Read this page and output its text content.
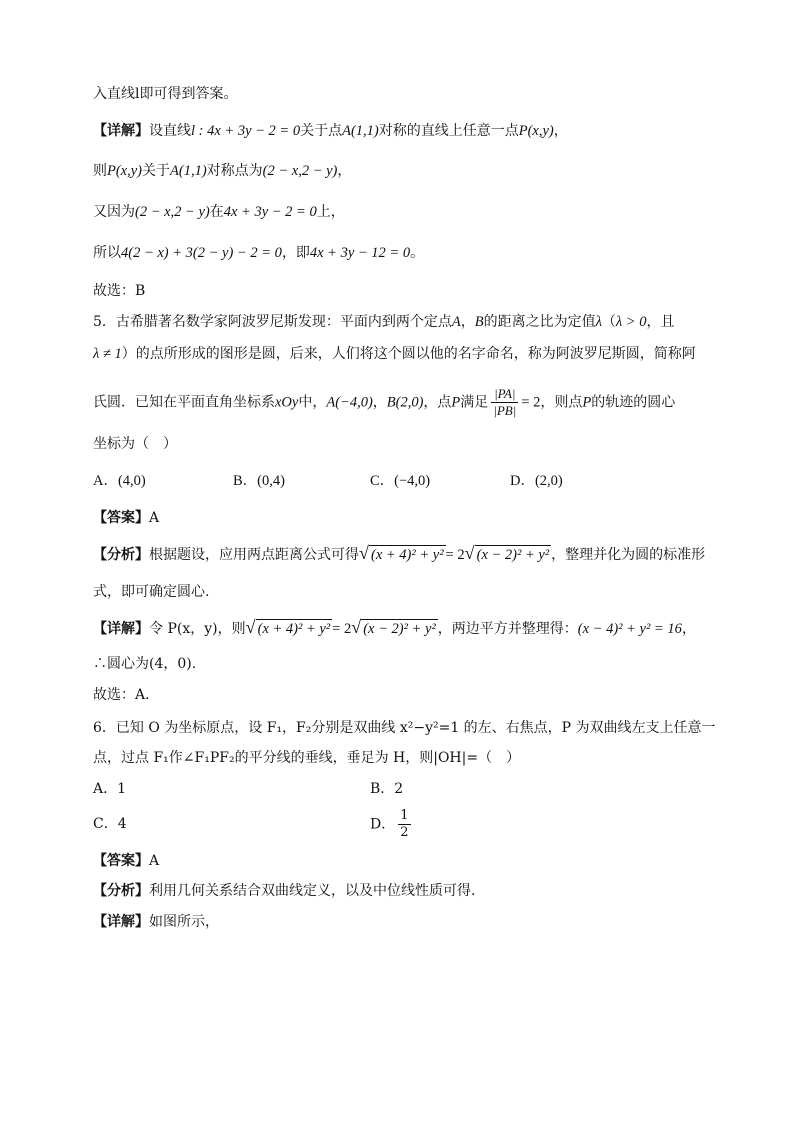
入直线l即可得到答案。
【详解】设直线l : 4x + 3y − 2 = 0关于点A(1,1)对称的直线上任意一点P(x,y)，
则P(x,y)关于A(1,1)对称点为(2 − x,2 − y)，
又因为(2 − x,2 − y)在4x + 3y − 2 = 0上，
所以4(2 − x) + 3(2 − y) − 2 = 0，即4x + 3y − 12 = 0。
故选：B
5．古希腊著名数学家阿波罗尼斯发现：平面内到两个定点A，B的距离之比为定值λ（λ > 0，且
λ ≠ 1）的点所形成的图形是圆，后来，人们将这个圆以他的名字命名，称为阿波罗尼斯圆，简称阿
氏圆．已知在平面直角坐标系xOy中，A(−4,0)，B(2,0)，点P满足 $\frac{|PA|}{|PB|} = 2$，则点P的轨迹的圆心
坐标为（　）
A．(4,0)	B．(0,4)	C．(−4,0)	D．(2,0)
【答案】A
【分析】根据题设，应用两点距离公式可得 √ (x + 4)² + y² = 2 √ (x − 2)² + y² ，整理并化为圆的标准形
式，即可确定圆心.
【详解】令 P(x，y)，则 √ (x + 4)² + y² = 2 √ (x − 2)² + y² ，两边平方并整理得：(x − 4)² + y² = 16，
∴圆心为(4，0).
故选：A．
6．已知 O 为坐标原点，设 F₁，F₂分别是双曲线 x²−y²=1 的左、右焦点，P 为双曲线左支上任意一
点，过点 F₁作∠F₁PF₂的平分线的垂线，垂足为 H，则|OH|=（　）
A．1	B．2
C．4	D． $\frac{1}{2}$
【答案】A
【分析】利用几何关系结合双曲线定义，以及中位线性质可得.
【详解】如图所示，
